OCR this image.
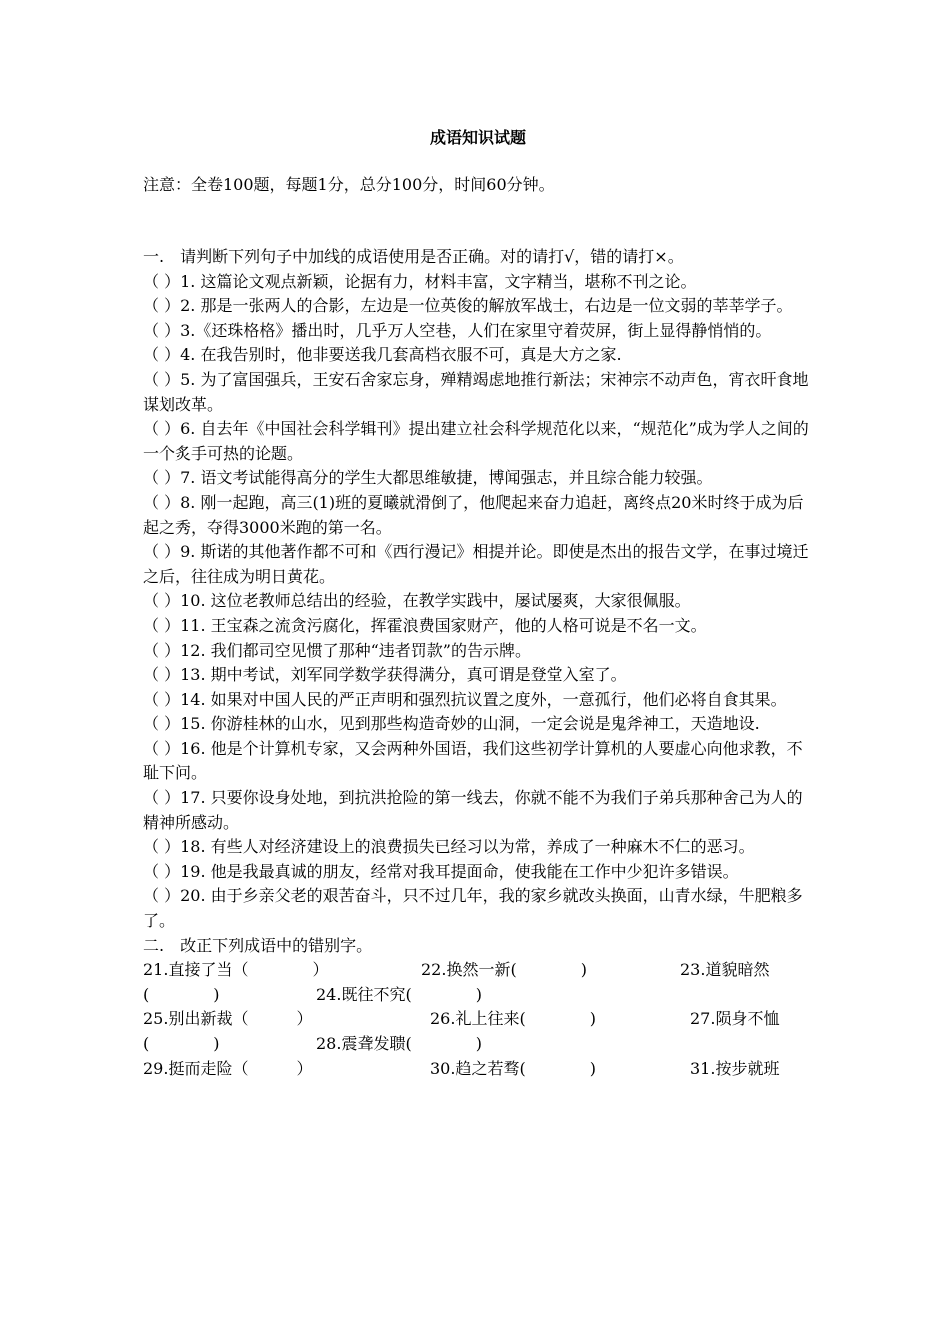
成语知识试题
注意：全卷100题，每题1分，总分100分，时间60分钟。
一.　请判断下列句子中加线的成语使用是否正确。对的请打√，错的请打×。

（ ）1. 这篇论文观点新颖，论据有力，材料丰富，文字精当，堪称不刊之论。

（ ）2. 那是一张两人的合影，左边是一位英俊的解放军战士，右边是一位文弱的莘莘学子。

（ ）3.《还珠格格》播出时，几乎万人空巷，人们在家里守着荧屏，街上显得静悄悄的。

（ ）4. 在我告别时，他非要送我几套高档衣服不可，真是大方之家.

（ ）5. 为了富国强兵，王安石舍家忘身，殚精竭虑地推行新法；宋神宗不动声色，宵衣旰食地谋划改革。

（ ）6. 自去年《中国社会科学辑刊》提出建立社会科学规范化以来，“规范化”成为学人之间的一个炙手可热的论题。

（ ）7. 语文考试能得高分的学生大都思维敏捷，博闻强志，并且综合能力较强。

（ ）8. 刚一起跑，高三(1)班的夏曦就滑倒了，他爬起来奋力追赶，离终点20米时终于成为后起之秀，夺得3000米跑的第一名。

（ ）9. 斯诺的其他著作都不可和《西行漫记》相提并论。即使是杰出的报告文学，在事过境迁之后，往往成为明日黄花。

（ ）10. 这位老教师总结出的经验，在教学实践中，屡试屡爽，大家很佩服。

（ ）11. 王宝森之流贪污腐化，挥霍浪费国家财产，他的人格可说是不名一文。

（ ）12. 我们都司空见惯了那种“违者罚款”的告示牌。

（ ）13. 期中考试，刘军同学数学获得满分，真可谓是登堂入室了。

（ ）14. 如果对中国人民的严正声明和强烈抗议置之度外，一意孤行，他们必将自食其果。

（ ）15. 你游桂林的山水，见到那些构造奇妙的山洞，一定会说是鬼斧神工，天造地设.

（ ）16. 他是个计算机专家，又会两种外国语，我们这些初学计算机的人要虚心向他求教，不耻下问。

（ ）17. 只要你设身处地，到抗洪抢险的第一线去，你就不能不为我们子弟兵那种舍己为人的精神所感动。

（ ）18. 有些人对经济建设上的浪费损失已经习以为常，养成了一种麻木不仁的恶习。

（ ）19. 他是我最真诚的朋友，经常对我耳提面命，使我能在工作中少犯许多错误。

（ ）20. 由于乡亲父老的艰苦奋斗，只不过几年，我的家乡就改头换面，山青水绿，牛肥粮多了。

二.　改正下列成语中的错别字。
21.直接了当（　　　　）	22.换然一新(　　　　)	23.道貌暗然
(　　　　)	24.既往不究(　　　　)
25.别出新裁（　　　）	26.礼上往来(　　　　)	27.陨身不恤
(　　　　)	28.震聋发聩(　　　　)
29.挺而走险（　　　）	30.趋之若骛(　　　　)	31.按步就班
